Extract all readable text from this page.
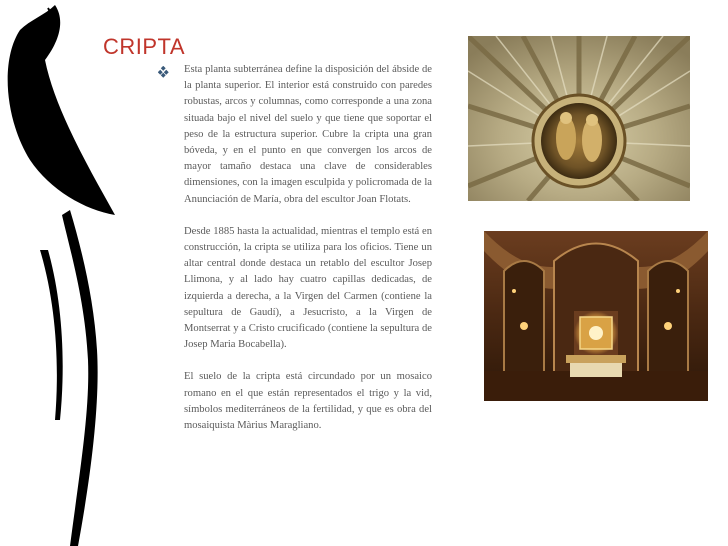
CRIPTA

Esta planta subterránea define la disposición del ábside de la planta superior. El interior está construido con paredes robustas, arcos y columnas, como corresponde a una zona situada bajo el nivel del suelo y que tiene que soportar el peso de la estructura superior. Cubre la cripta una gran bóveda, y en el punto en que convergen los arcos de mayor tamaño destaca una clave de considerables dimensiones, con la imagen esculpida y policromada de la Anunciación de María, obra del escultor Joan Flotats.

Desde 1885 hasta la actualidad, mientras el templo está en construcción, la cripta se utiliza para los oficios. Tiene un altar central donde destaca un retablo del escultor Josep Llimona, y al lado hay cuatro capillas dedicadas, de izquierda a derecha, a la Virgen del Carmen (contiene la sepultura de Gaudí), a Jesucristo, a la Virgen de Montserrat y a Cristo crucificado (contiene la sepultura de Josep Maria Bocabella).

El suelo de la cripta está circundado por un mosaico romano en el que están representados el trigo y la vid, símbolos mediterráneos de la fertilidad, y que es obra del mosaiquista Màrius Maragliano.
